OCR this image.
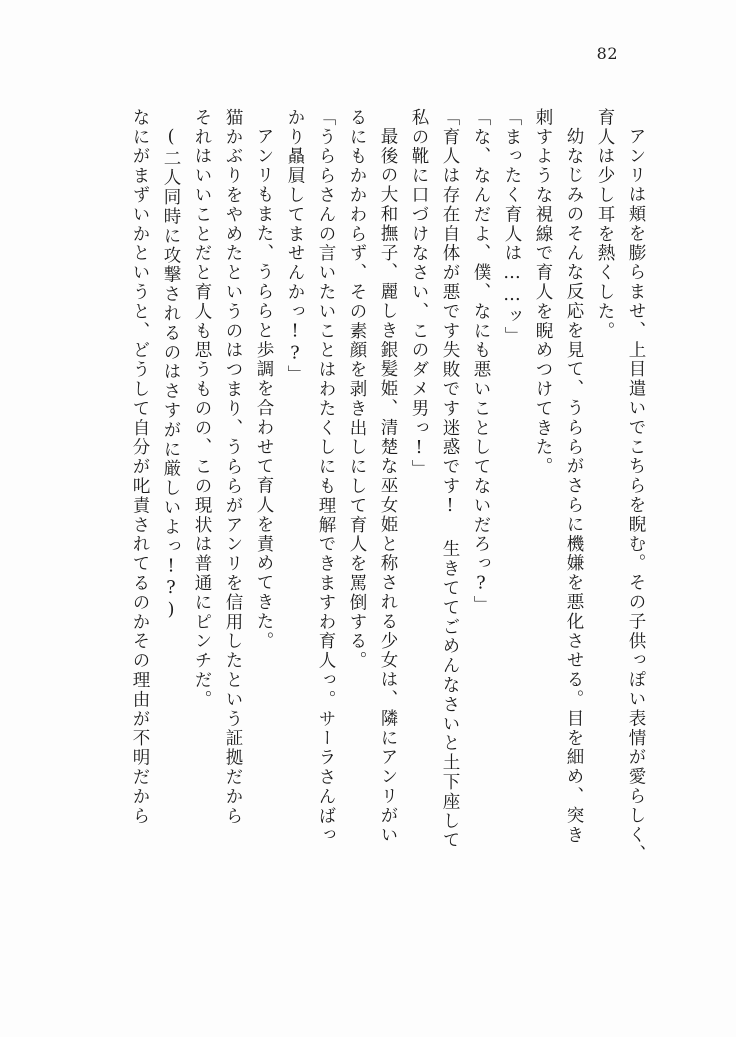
82
アンリは頬を膨らませ、上目遣いでこちらを睨む。その子供っぽい表情が愛らしく、
育人は少し耳を熱くした。
幼なじみのそんな反応を見て、うららがさらに機嫌を悪化させる。目を細め、突き
刺すような視線で育人を睨めつけてきた。
「まったく育人は……ッ」
「な、なんだよ、僕、なにも悪いことしてないだろっ?」
「育人は存在自体が悪です失敗です迷惑です! 生きててごめんなさいと土下座して
私の靴に口づけなさい、このダメ男っ!」
最後の大和撫子、麗しき銀髪姫、清楚な巫女姫と称される少女は、隣にアンリがい
るにもかかわらず、その素顔を剥き出しにして育人を罵倒する。
「うららさんの言いたいことはわたくしにも理解できますわ育人っ。サーラさんばっ
かり贔屓してませんかっ!?」
アンリもまた、うららと歩調を合わせて育人を責めてきた。
猫かぶりをやめたというのはつまり、うららがアンリを信用したという証拠だから
それはいいことだと育人も思うものの、この現状は普通にピンチだ。
(二人同時に攻撃されるのはさすがに厳しいよっ!?)
なにがまずいかというと、どうして自分が叱責されてるのかその理由が不明だから
